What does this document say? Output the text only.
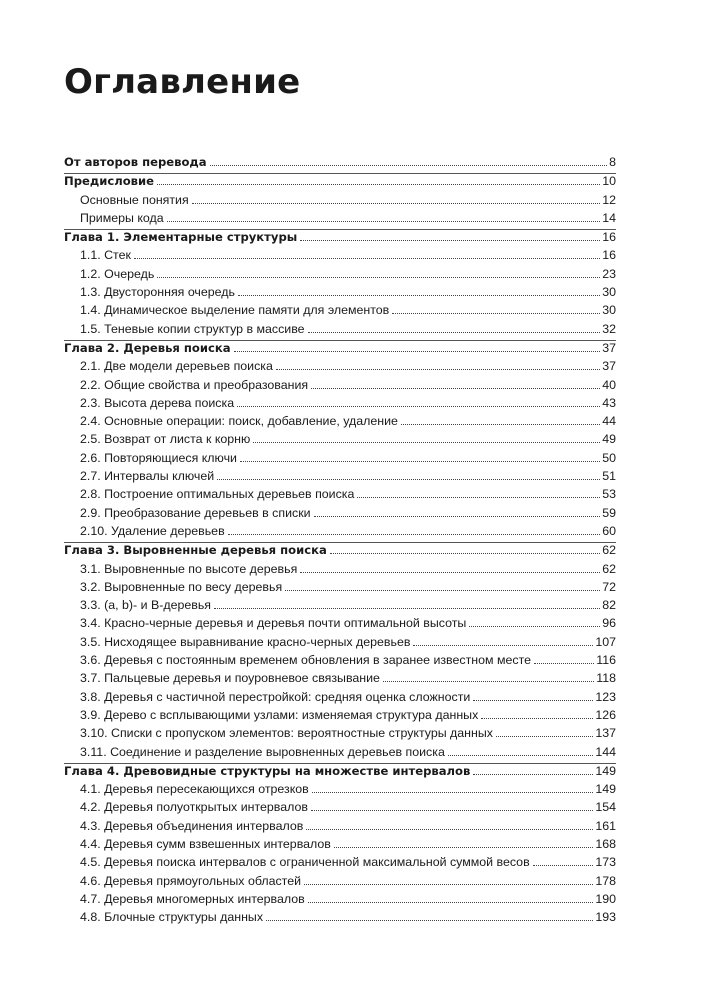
Оглавление
От авторов перевода	8
Предисловие	10
Основные понятия	12
Примеры кода	14
Глава 1. Элементарные структуры	16
1.1. Стек	16
1.2. Очередь	23
1.3. Двусторонняя очередь	30
1.4. Динамическое выделение памяти для элементов	30
1.5. Теневые копии структур в массиве	32
Глава 2. Деревья поиска	37
2.1. Две модели деревьев поиска	37
2.2. Общие свойства и преобразования	40
2.3. Высота дерева поиска	43
2.4. Основные операции: поиск, добавление, удаление	44
2.5. Возврат от листа к корню	49
2.6. Повторяющиеся ключи	50
2.7. Интервалы ключей	51
2.8. Построение оптимальных деревьев поиска	53
2.9. Преобразование деревьев в списки	59
2.10. Удаление деревьев	60
Глава 3. Выровненные деревья поиска	62
3.1. Выровненные по высоте деревья	62
3.2. Выровненные по весу деревья	72
3.3. (a, b)- и B-деревья	82
3.4. Красно-черные деревья и деревья почти оптимальной высоты	96
3.5. Нисходящее выравнивание красно-черных деревьев	107
3.6. Деревья с постоянным временем обновления в заранее известном месте	116
3.7. Пальцевые деревья и поуровневое связывание	118
3.8. Деревья с частичной перестройкой: средняя оценка сложности	123
3.9. Дерево с всплывающими узлами: изменяемая структура данных	126
3.10. Списки с пропуском элементов: вероятностные структуры данных	137
3.11. Соединение и разделение выровненных деревьев поиска	144
Глава 4. Древовидные структуры на множестве интервалов	149
4.1. Деревья пересекающихся отрезков	149
4.2. Деревья полуоткрытых интервалов	154
4.3. Деревья объединения интервалов	161
4.4. Деревья сумм взвешенных интервалов	168
4.5. Деревья поиска интервалов с ограниченной максимальной суммой весов	173
4.6. Деревья прямоугольных областей	178
4.7. Деревья многомерных интервалов	190
4.8. Блочные структуры данных	193
